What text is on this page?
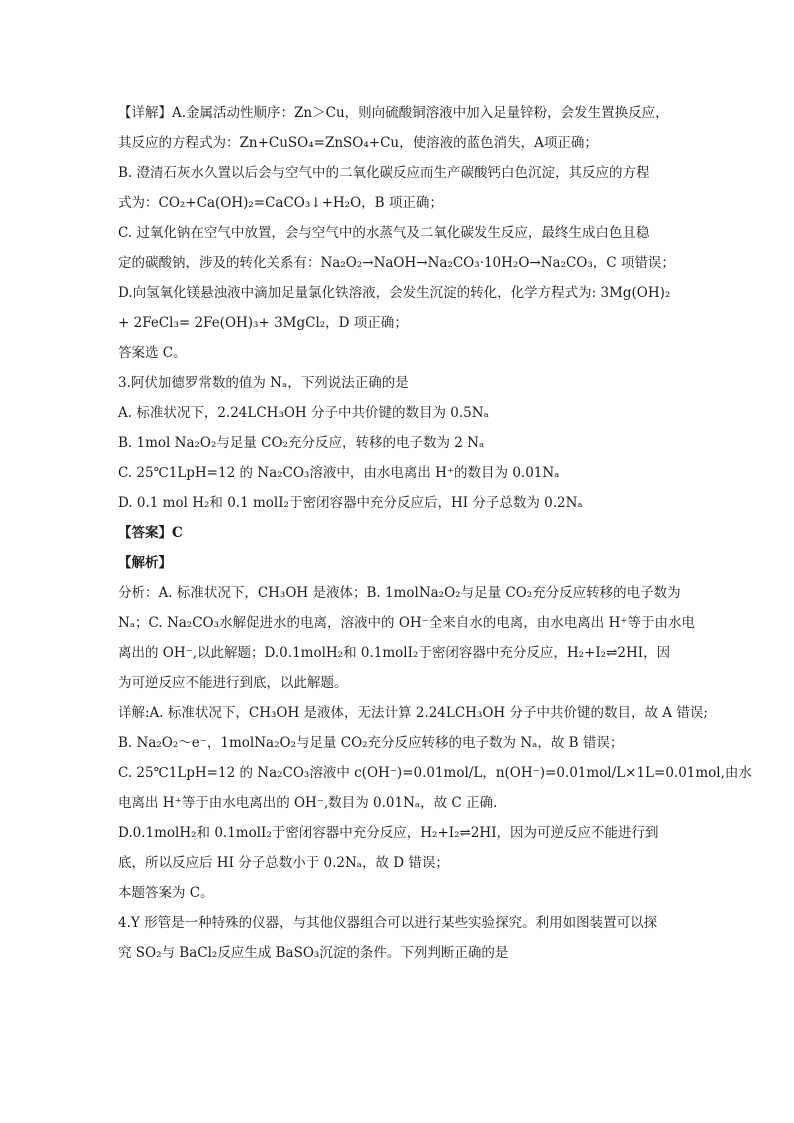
【详解】A.金属活动性顺序：Zn＞Cu，则向硫酸铜溶液中加入足量锌粉，会发生置换反应，
其反应的方程式为：Zn+CuSO₄=ZnSO₄+Cu，使溶液的蓝色消失，A项正确；
B. 澄清石灰水久置以后会与空气中的二氧化碳反应而生产碳酸钙白色沉淀，其反应的方程
式为：CO₂+Ca(OH)₂=CaCO₃↓+H₂O，B 项正确；
C. 过氧化钠在空气中放置，会与空气中的水蒸气及二氧化碳发生反应，最终生成白色且稳
定的碳酸钠，涉及的转化关系有：Na₂O₂→NaOH→Na₂CO₃·10H₂O→Na₂CO₃，C 项错误；
D.向氢氧化镁悬浊液中滴加足量氯化铁溶液，会发生沉淀的转化，化学方程式为: 3Mg(OH)₂
+ 2FeCl₃= 2Fe(OH)₃+ 3MgCl₂，D 项正确；
答案选 C。
3.阿伏加德罗常数的值为 Nₐ，下列说法正确的是
A. 标准状况下，2.24LCH₃OH 分子中共价键的数目为 0.5Nₐ
B. 1mol Na₂O₂与足量 CO₂充分反应，转移的电子数为 2 Nₐ
C. 25℃1LpH=12 的 Na₂CO₃溶液中，由水电离出 H⁺的数目为 0.01Nₐ
D. 0.1 mol H₂和 0.1 molI₂于密闭容器中充分反应后，HI 分子总数为 0.2Nₐ
【答案】C
【解析】
分析：A. 标准状况下，CH₃OH 是液体；B. 1molNa₂O₂与足量 CO₂充分反应转移的电子数为
Nₐ；C. Na₂CO₃水解促进水的电离，溶液中的 OH⁻全来自水的电离，由水电离出 H⁺等于由水电
离出的 OH⁻,以此解题；D.0.1molH₂和 0.1molI₂于密闭容器中充分反应，H₂+I₂⇌2HI，因
为可逆反应不能进行到底，以此解题。
详解:A. 标准状况下，CH₃OH 是液体，无法计算 2.24LCH₃OH 分子中共价键的数目，故 A 错误;
B. Na₂O₂～e⁻，1molNa₂O₂与足量 CO₂充分反应转移的电子数为 Nₐ，故 B 错误；
C. 25℃1LpH=12 的 Na₂CO₃溶液中 c(OH⁻)=0.01mol/L，n(OH⁻)=0.01mol/L×1L=0.01mol,由水
电离出 H⁺等于由水电离出的 OH⁻,数目为 0.01Nₐ，故 C 正确.
D.0.1molH₂和 0.1molI₂于密闭容器中充分反应，H₂+I₂⇌2HI，因为可逆反应不能进行到
底，所以反应后 HI 分子总数小于 0.2Nₐ，故 D 错误；
本题答案为 C。
4.Y 形管是一种特殊的仪器，与其他仪器组合可以进行某些实验探究。利用如图装置可以探
究 SO₂与 BaCl₂反应生成 BaSO₃沉淀的条件。下列判断正确的是
